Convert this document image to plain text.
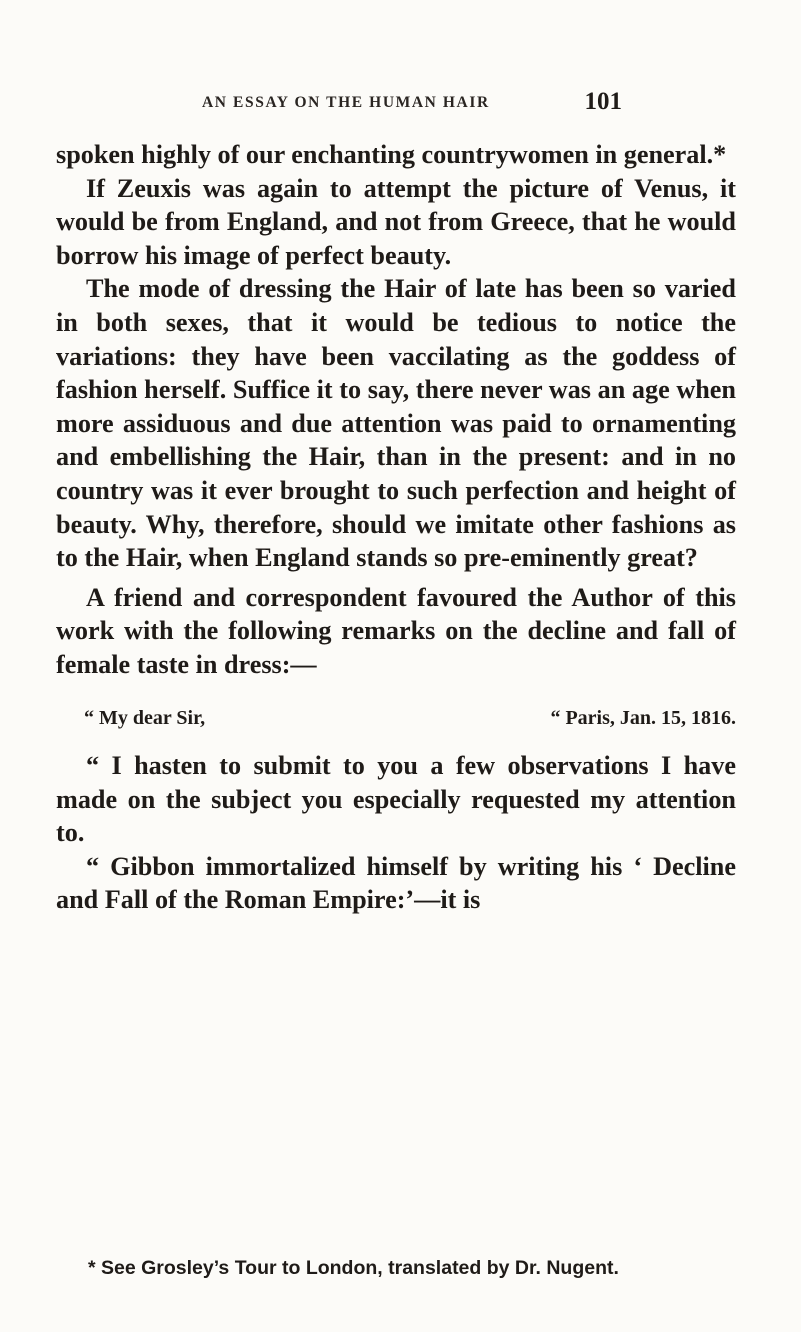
AN ESSAY ON THE HUMAN HAIR	101

spoken highly of our enchanting countrywomen in general.*

If Zeuxis was again to attempt the picture of Venus, it would be from England, and not from Greece, that he would borrow his image of perfect beauty.

The mode of dressing the Hair of late has been so varied in both sexes, that it would be tedious to notice the variations: they have been vaccilating as the goddess of fashion herself. Suffice it to say, there never was an age when more assiduous and due attention was paid to ornamenting and embellishing the Hair, than in the present: and in no country was it ever brought to such perfection and height of beauty. Why, therefore, should we imitate other fashions as to the Hair, when England stands so pre-eminently great?

A friend and correspondent favoured the Author of this work with the following remarks on the decline and fall of female taste in dress:—

“ My dear Sir,	“ Paris, Jan. 15, 1816.

“ I hasten to submit to you a few observations I have made on the subject you especially requested my attention to.

“ Gibbon immortalized himself by writing his ‘ Decline and Fall of the Roman Empire:’—it is

* See Grosley’s Tour to London, translated by Dr. Nugent.
